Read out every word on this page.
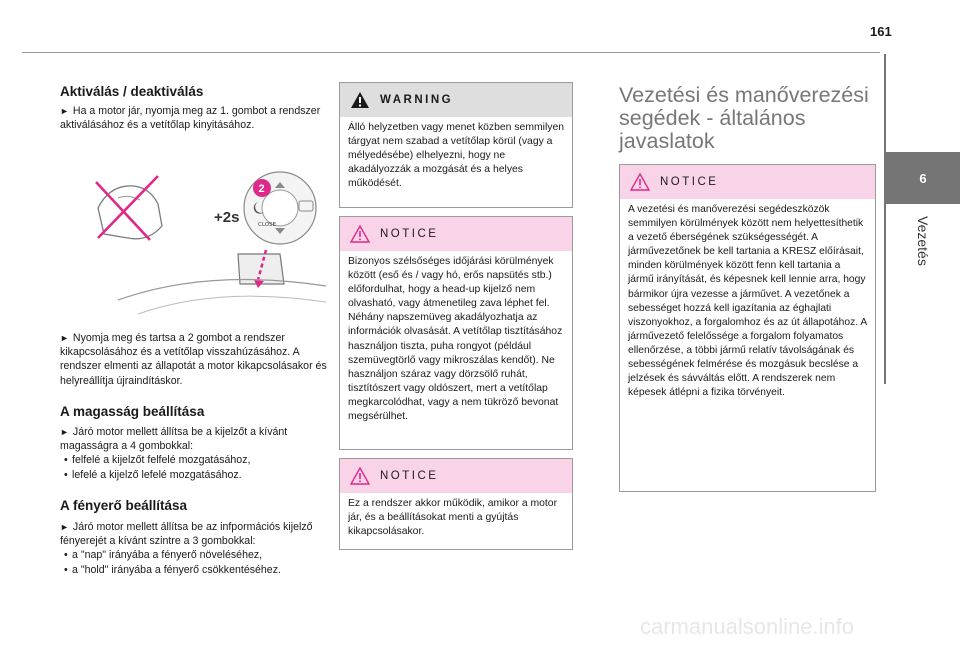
161
6
Vezetés
Aktiválás / deaktiválás
► Ha a motor jár, nyomja meg az 1. gombot a rendszer aktiválásához és a vetítőlap kinyitásához.
CLOSE
2
+2s
► Nyomja meg és tartsa a 2 gombot a rendszer kikapcsolásához és a vetítőlap visszahúzásához. A rendszer elmenti az állapotát a motor kikapcsolásakor és helyreállítja újraindításkor.
A magasság beállítása
► Járó motor mellett állítsa be a kijelzőt a kívánt magasságra a 4 gombokkal:
• felfelé a kijelzőt felfelé mozgatásához,
• lefelé a kijelző lefelé mozgatásához.
A fényerő beállítása
► Járó motor mellett állítsa be az infpormációs kijelző fényerejét a kívánt szintre a 3 gombokkal:
• a "nap" irányába a fényerő növeléséhez,
• a "hold" irányába a fényerő csökkentéséhez.
WARNING
Álló helyzetben vagy menet közben semmilyen tárgyat nem szabad a vetítőlap körül (vagy a mélyedésébe) elhelyezni, hogy ne akadályozzák a mozgását és a helyes működését.
NOTICE
Bizonyos szélsőséges időjárási körülmények között (eső és / vagy hó, erős napsütés stb.) előfordulhat, hogy a head-up kijelző nem olvasható, vagy átmenetileg zava léphet fel. Néhány napszemüveg akadályozhatja az információk olvasását. A vetítőlap tisztításához használjon tiszta, puha rongyot (például szemüvegtörlő vagy mikroszálas kendőt). Ne használjon száraz vagy dörzsölő ruhát, tisztítószert vagy oldószert, mert a vetítőlap megkarcolódhat, vagy a nem tükröző bevonat megsérülhet.
NOTICE
Ez a rendszer akkor működik, amikor a motor jár, és a beállításokat menti a gyújtás kikapcsolásakor.
Vezetési és manőverezési segédek - általános javaslatok
NOTICE
A vezetési és manőverezési segédeszközök semmilyen körülmények között nem helyettesíthetik a vezető éberségének szükségességét. A járművezetőnek be kell tartania a KRESZ előírásait, minden körülmények között fenn kell tartania a jármű irányítását, és képesnek kell lennie arra, hogy bármikor újra vezesse a járművet. A vezetőnek a sebességet hozzá kell igazítania az éghajlati viszonyokhoz, a forgalomhoz és az út állapotához. A járművezető felelőssége a forgalom folyamatos ellenőrzése, a többi jármű relatív távolságának és sebességének felmérése és mozgásuk becslése a jelzések és sávváltás előtt. A rendszerek nem képesek átlépni a fizika törvényeit.
carmanualsonline.info
